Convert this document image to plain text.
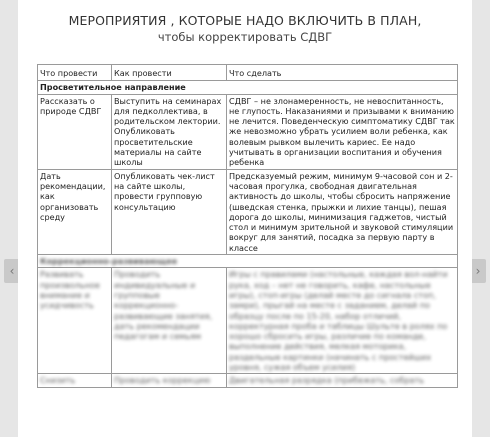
‹	›
МЕРОПРИЯТИЯ , КОТОРЫЕ НАДО ВКЛЮЧИТЬ В ПЛАН,
чтобы корректировать СДВГ
Что провести	Как провести	Что сделать
Просветительное направление		
Рассказать о природе СДВГ	Выступить на семинарах для педколлектива, в родительском лектории. Опубликовать просветительские материалы на сайте школы	СДВГ – не злонамеренность, не невоспитанность, не глупость. Наказаниями и призывами к вниманию не лечится. Поведенческую симптоматику СДВГ так же невозможно убрать усилием воли ребенка, как волевым рывком вылечить кариес. Ее надо учитывать в организации воспитания и обучения ребенка
Дать рекомендации, как организовать среду	Опубликовать чек-лист на сайте школы, провести групповую консультацию	Предсказуемый режим, минимум 9-часовой сон и 2-часовая прогулка, свободная двигательная активность до школы, чтобы сбросить напряжение (шведская стенка, прыжки и лихие танцы), пешая дорога до школы, минимизация гаджетов, чистый стол и минимум зрительной и звуковой стимуляции вокруг для занятий, посадка за первую парту в классе
Коррекционно-развивающее		
Развивать произвольное внимание и усидчивость	Проводить индивидуальные и групповые коррекционно-развивающие занятия, дать рекомендации педагогам и семьям	Игры с правилами (настольные, каждая вол-найти рука, ход – нет не говорить, кафе, настольные игры), стоп-игры (делай месте до сигнала стоп, замри), прыгай на месте с заданием, делай по образцу после по 15-20, набор отличий, корректурная проба и таблицы Шульте в ролях по хорошо сбросить игры, различие по команде, выполнение действия, мелкая моторика, раздельные картинки (начинать с простейших уровня, сужая объем усилия)
Снизить	Проводить коррекцию	Двигательная разрядка (прибежать, собрать
